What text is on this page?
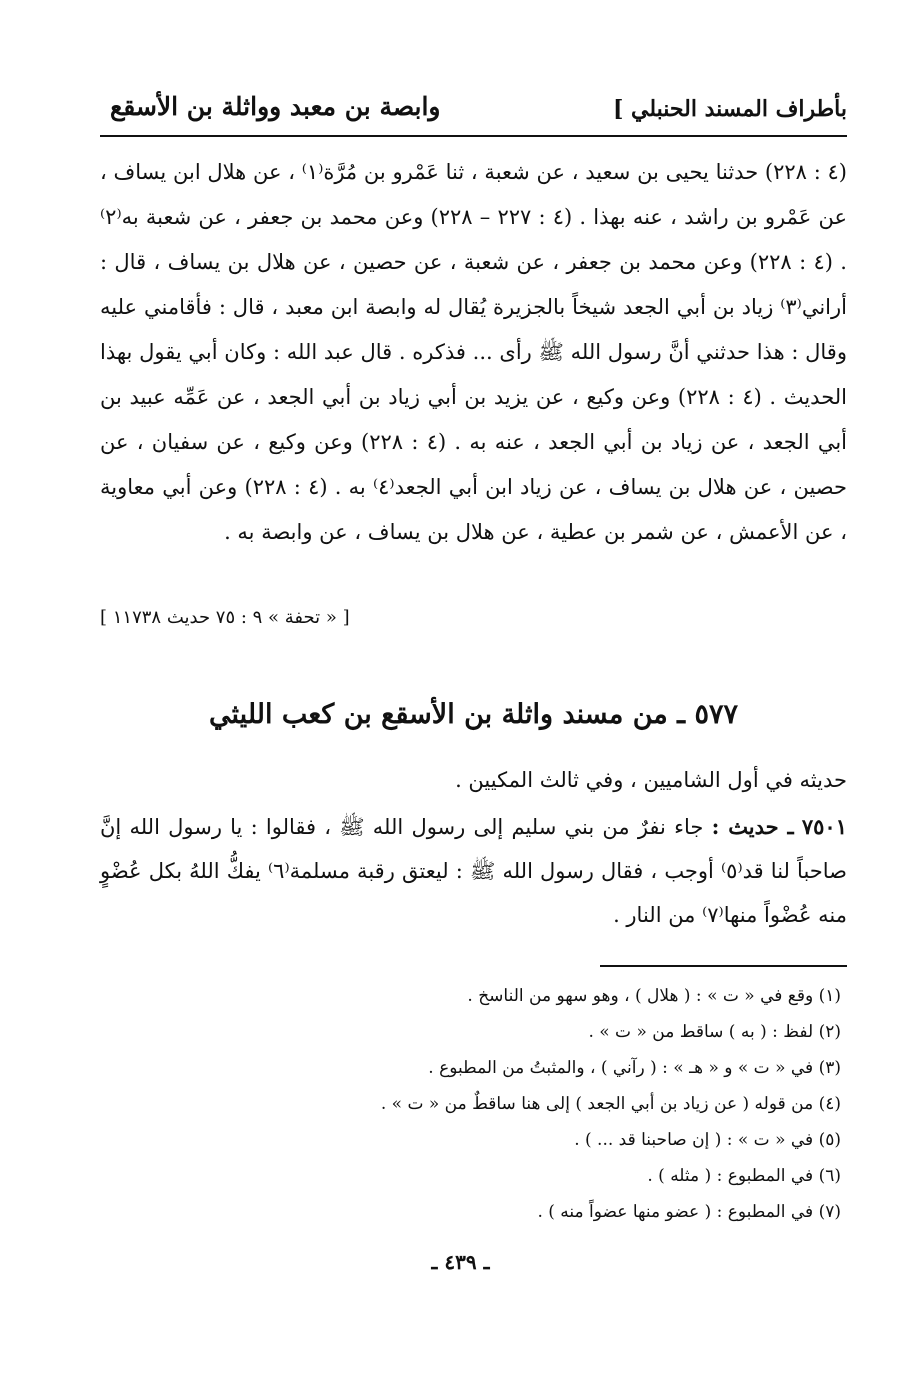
بأطراف المسند الحنبلي ]
وابصة بن معبد وواثلة بن الأسقع

(٤ : ٢٢٨) حدثنا يحيى بن سعيد ، عن شعبة ، ثنا عَمْرو بن مُرَّة⁽١⁾ ، عن هلال ابن يساف ، عن عَمْرو بن راشد ، عنه بهذا . (٤ : ٢٢٧ – ٢٢٨) وعن محمد بن جعفر ، عن شعبة به⁽٢⁾ . (٤ : ٢٢٨) وعن محمد بن جعفر ، عن شعبة ، عن حصين ، عن هلال بن يساف ، قال : أراني⁽٣⁾ زياد بن أبي الجعد شيخاً بالجزيرة يُقال له وابصة ابن معبد ، قال : فأقامني عليه وقال : هذا حدثني أنَّ رسول الله ﷺ رأى ... فذكره . قال عبد الله : وكان أبي يقول بهذا الحديث . (٤ : ٢٢٨) وعن وكيع ، عن يزيد بن أبي زياد بن أبي الجعد ، عن عَمِّه عبيد بن أبي الجعد ، عن زياد بن أبي الجعد ، عنه به . (٤ : ٢٢٨) وعن وكيع ، عن سفيان ، عن حصين ، عن هلال بن يساف ، عن زياد ابن أبي الجعد⁽٤⁾ به . (٤ : ٢٢٨) وعن أبي معاوية ، عن الأعمش ، عن شمر بن عطية ، عن هلال بن يساف ، عن وابصة به .

[ « تحفة » ٩ : ٧٥ حديث ١١٧٣٨ ]
٥٧٧ ـ من مسند واثلة بن الأسقع بن كعب الليثي
حديثه في أول الشاميين ، وفي ثالث المكيين .
٧٥٠١ ـ حديث : جاء نفرٌ من بني سليم إلى رسول الله ﷺ ، فقالوا : يا رسول الله إنَّ صاحباً لنا قد⁽٥⁾ أوجب ، فقال رسول الله ﷺ : ليعتق رقبة مسلمة⁽٦⁾ يفكُّ اللهُ بكل عُضْوٍ منه عُضْواً منها⁽٧⁾ من النار .
(١) وقع في « ت » : ( هلال ) ، وهو سهو من الناسخ .
(٢) لفظ : ( به ) ساقط من « ت » .
(٣) في « ت » و « هـ » : ( رآني ) ، والمثبتُ من المطبوع .
(٤) من قوله ( عن زياد بن أبي الجعد ) إلى هنا ساقطٌ من « ت » .
(٥) في « ت » : ( إن صاحبنا قد ... ) .
(٦) في المطبوع : ( مثله ) .
(٧) في المطبوع : ( عضو منها عضواً منه ) .
ـ ٤٣٩ ـ
